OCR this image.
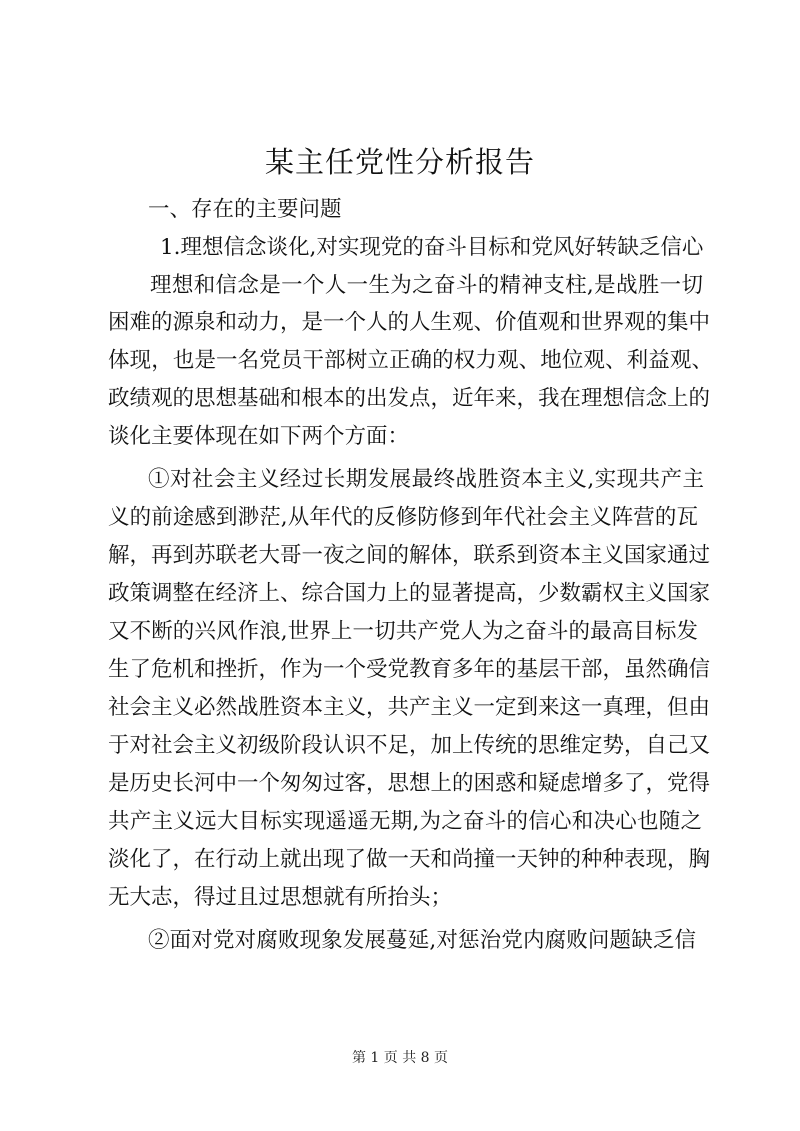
某主任党性分析报告

一、存在的主要问题

1.理想信念谈化,对实现党的奋斗目标和党风好转缺乏信心

理想和信念是一个人一生为之奋斗的精神支柱,是战胜一切

困难的源泉和动力，是一个人的人生观、价值观和世界观的集中

体现，也是一名党员干部树立正确的权力观、地位观、利益观、

政绩观的思想基础和根本的出发点，近年来，我在理想信念上的

谈化主要体现在如下两个方面：

①对社会主义经过长期发展最终战胜资本主义,实现共产主

义的前途感到渺茫,从年代的反修防修到年代社会主义阵营的瓦

解，再到苏联老大哥一夜之间的解体，联系到资本主义国家通过

政策调整在经济上、综合国力上的显著提高，少数霸权主义国家

又不断的兴风作浪,世界上一切共产党人为之奋斗的最高目标发

生了危机和挫折，作为一个受党教育多年的基层干部，虽然确信

社会主义必然战胜资本主义，共产主义一定到来这一真理，但由

于对社会主义初级阶段认识不足，加上传统的思维定势，自己又

是历史长河中一个匆匆过客，思想上的困惑和疑虑增多了，党得

共产主义远大目标实现遥遥无期,为之奋斗的信心和决心也随之

淡化了，在行动上就出现了做一天和尚撞一天钟的种种表现，胸

无大志，得过且过思想就有所抬头；

②面对党对腐败现象发展蔓延,对惩治党内腐败问题缺乏信

第 1 页 共 8 页
